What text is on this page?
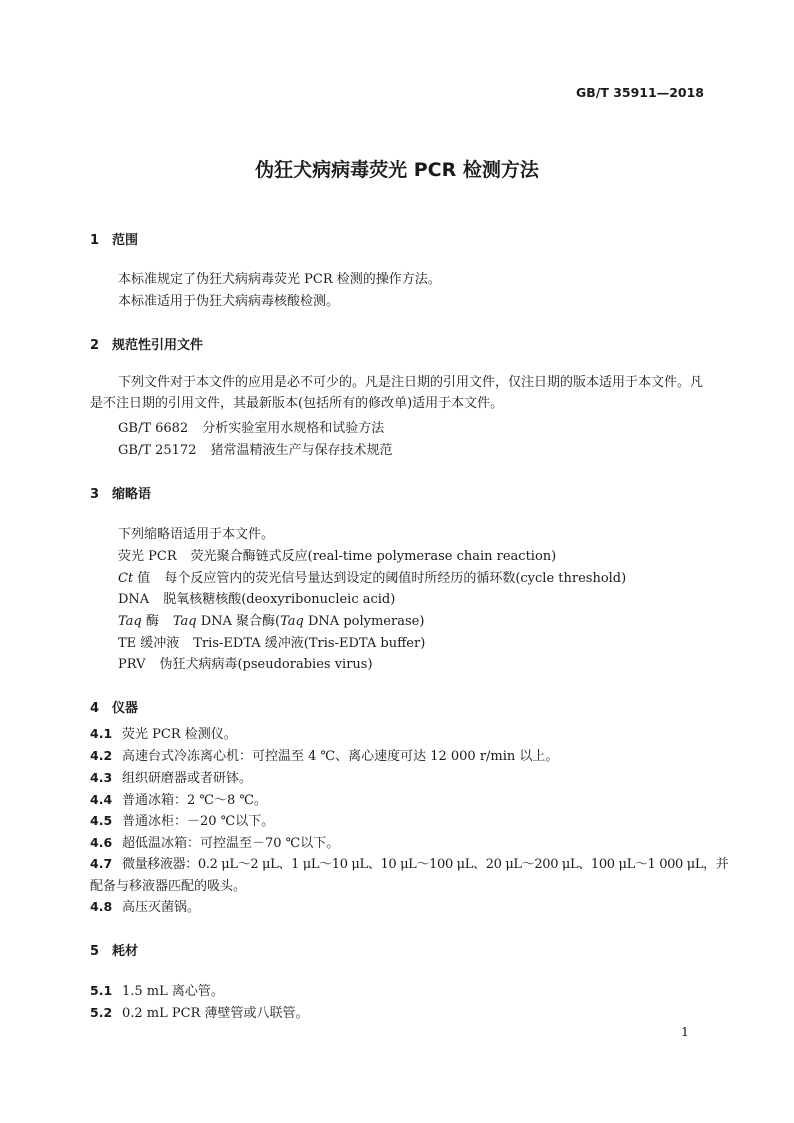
GB/T 35911—2018
伪狂犬病病毒荧光 PCR 检测方法
1 范围
本标准规定了伪狂犬病病毒荧光 PCR 检测的操作方法。
本标准适用于伪狂犬病病毒核酸检测。
2 规范性引用文件
下列文件对于本文件的应用是必不可少的。凡是注日期的引用文件，仅注日期的版本适用于本文件。凡是不注日期的引用文件，其最新版本(包括所有的修改单)适用于本文件。
GB/T 6682 分析实验室用水规格和试验方法
GB/T 25172 猪常温精液生产与保存技术规范
3 缩略语
下列缩略语适用于本文件。
荧光 PCR 荧光聚合酶链式反应(real-time polymerase chain reaction)
Ct 值 每个反应管内的荧光信号量达到设定的阈值时所经历的循环数(cycle threshold)
DNA 脱氧核糖核酸(deoxyribonucleic acid)
Taq 酶 Taq DNA 聚合酶(Taq DNA polymerase)
TE 缓冲液 Tris-EDTA 缓冲液(Tris-EDTA buffer)
PRV 伪狂犬病病毒(pseudorabies virus)
4 仪器
4.1 荧光 PCR 检测仪。
4.2 高速台式冷冻离心机：可控温至 4 ℃、离心速度可达 12 000 r/min 以上。
4.3 组织研磨器或者研钵。
4.4 普通冰箱：2 ℃～8 ℃。
4.5 普通冰柜：－20 ℃以下。
4.6 超低温冰箱：可控温至－70 ℃以下。
4.7 微量移液器：0.2 μL～2 μL、1 μL～10 μL、10 μL～100 μL、20 μL～200 μL、100 μL～1 000 μL，并
配备与移液器匹配的吸头。
4.8 高压灭菌锅。
5 耗材
5.1 1.5 mL 离心管。
5.2 0.2 mL PCR 薄壁管或八联管。
1
